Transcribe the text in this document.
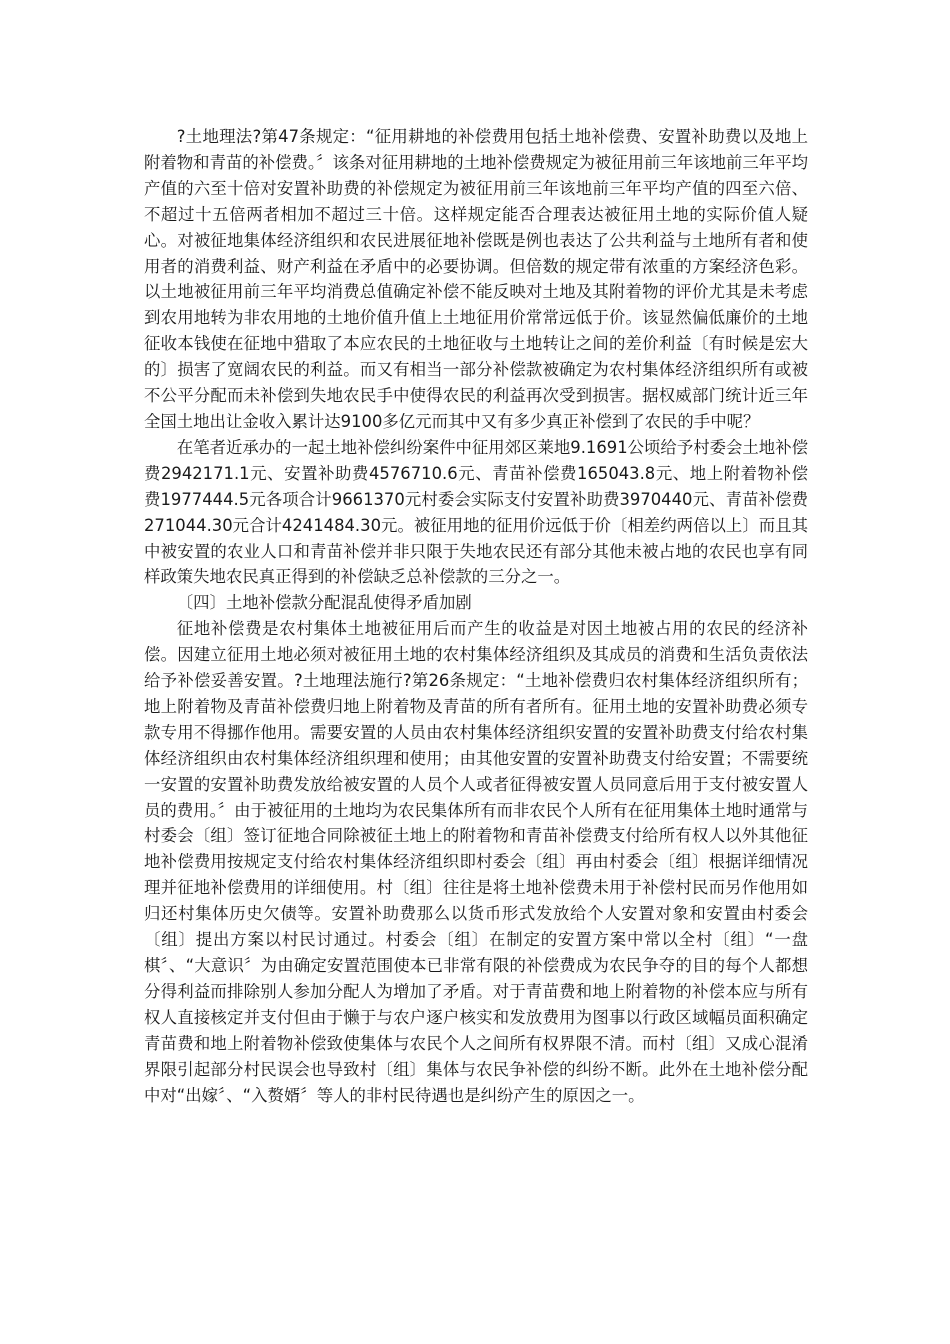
?土地理法?第47条规定：“征用耕地的补偿费用包括土地补偿费、安置补助费以及地上附着物和青苗的补偿费。〞该条对征用耕地的土地补偿费规定为被征用前三年该地前三年平均产值的六至十倍对安置补助费的补偿规定为被征用前三年该地前三年平均产值的四至六倍、不超过十五倍两者相加不超过三十倍。这样规定能否合理表达被征用土地的实际价值人疑心。对被征地集体经济组织和农民进展征地补偿既是例也表达了公共利益与土地所有者和使用者的消费利益、财产利益在矛盾中的必要协调。但倍数的规定带有浓重的方案经济色彩。以土地被征用前三年平均消费总值确定补偿不能反映对土地及其附着物的评价尤其是未考虑到农用地转为非农用地的土地价值升值上土地征用价常常远低于价。该显然偏低廉价的土地征收本钱使在征地中猎取了本应农民的土地征收与土地转让之间的差价利益〔有时候是宏大的〕损害了宽阔农民的利益。而又有相当一部分补偿款被确定为农村集体经济组织所有或被不公平分配而未补偿到失地农民手中使得农民的利益再次受到损害。据权威部门统计近三年全国土地出让金收入累计达9100多亿元而其中又有多少真正补偿到了农民的手中呢？

在笔者近承办的一起土地补偿纠纷案件中征用郊区莱地9.1691公顷给予村委会土地补偿费2942171.1元、安置补助费4576710.6元、青苗补偿费165043.8元、地上附着物补偿费1977444.5元各项合计9661370元村委会实际支付安置补助费3970440元、青苗补偿费271044.30元合计4241484.30元。被征用地的征用价远低于价〔相差约两倍以上〕而且其中被安置的农业人口和青苗补偿并非只限于失地农民还有部分其他未被占地的农民也享有同样政策失地农民真正得到的补偿缺乏总补偿款的三分之一。

〔四〕土地补偿款分配混乱使得矛盾加剧

征地补偿费是农村集体土地被征用后而产生的收益是对因土地被占用的农民的经济补偿。因建立征用土地必须对被征用土地的农村集体经济组织及其成员的消费和生活负责依法给予补偿妥善安置。?土地理法施行?第26条规定：“土地补偿费归农村集体经济组织所有；地上附着物及青苗补偿费归地上附着物及青苗的所有者所有。征用土地的安置补助费必须专款专用不得挪作他用。需要安置的人员由农村集体经济组织安置的安置补助费支付给农村集体经济组织由农村集体经济组织理和使用；由其他安置的安置补助费支付给安置；不需要统一安置的安置补助费发放给被安置的人员个人或者征得被安置人员同意后用于支付被安置人员的费用。〞由于被征用的土地均为农民集体所有而非农民个人所有在征用集体土地时通常与村委会〔组〕签订征地合同除被征土地上的附着物和青苗补偿费支付给所有权人以外其他征地补偿费用按规定支付给农村集体经济组织即村委会〔组〕再由村委会〔组〕根据详细情况理并征地补偿费用的详细使用。村〔组〕往往是将土地补偿费未用于补偿村民而另作他用如归还村集体历史欠债等。安置补助费那么以货币形式发放给个人安置对象和安置由村委会〔组〕提出方案以村民讨通过。村委会〔组〕在制定的安置方案中常以全村〔组〕“一盘棋〞、“大意识〞为由确定安置范围使本已非常有限的补偿费成为农民争夺的目的每个人都想分得利益而排除别人参加分配人为增加了矛盾。对于青苗费和地上附着物的补偿本应与所有权人直接核定并支付但由于懒于与农户逐户核实和发放费用为图事以行政区域幅员面积确定青苗费和地上附着物补偿致使集体与农民个人之间所有权界限不清。而村〔组〕又成心混淆界限引起部分村民误会也导致村〔组〕集体与农民争补偿的纠纷不断。此外在土地补偿分配中对“出嫁〞、“入赘婿〞等人的非村民待遇也是纠纷产生的原因之一。
